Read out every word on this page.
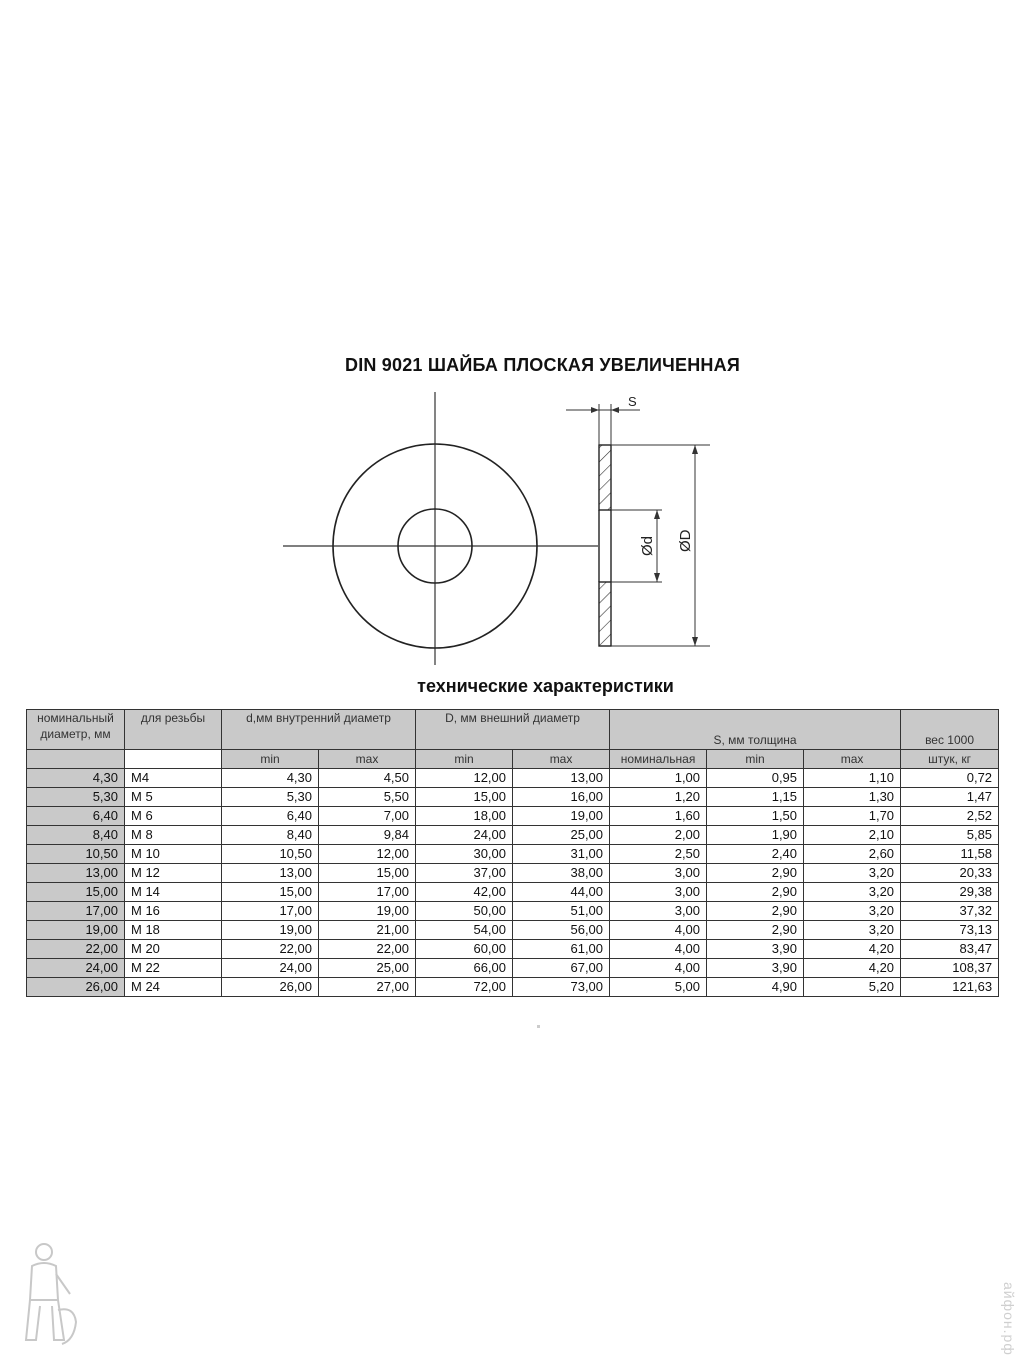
DIN 9021 ШАЙБА ПЛОСКАЯ УВЕЛИЧЕННАЯ
S
Ød ØD
технические характеристики
номинальный диаметр, мм	для резьбы	d,мм внутренний диаметр		D, мм внешний диаметр		S, мм толщина			вес 1000
		min	max	min	max	номинальная	min	max	штук, кг
4,30	M4	4,30	4,50	12,00	13,00	1,00	0,95	1,10	0,72
5,30	M 5	5,30	5,50	15,00	16,00	1,20	1,15	1,30	1,47
6,40	M 6	6,40	7,00	18,00	19,00	1,60	1,50	1,70	2,52
8,40	M 8	8,40	9,84	24,00	25,00	2,00	1,90	2,10	5,85
10,50	M 10	10,50	12,00	30,00	31,00	2,50	2,40	2,60	11,58
13,00	M 12	13,00	15,00	37,00	38,00	3,00	2,90	3,20	20,33
15,00	M 14	15,00	17,00	42,00	44,00	3,00	2,90	3,20	29,38
17,00	M 16	17,00	19,00	50,00	51,00	3,00	2,90	3,20	37,32
19,00	M 18	19,00	21,00	54,00	56,00	4,00	2,90	3,20	73,13
22,00	M 20	22,00	22,00	60,00	61,00	4,00	3,90	4,20	83,47
24,00	M 22	24,00	25,00	66,00	67,00	4,00	3,90	4,20	108,37
26,00	M 24	26,00	27,00	72,00	73,00	5,00	4,90	5,20	121,63
айфон.рф
